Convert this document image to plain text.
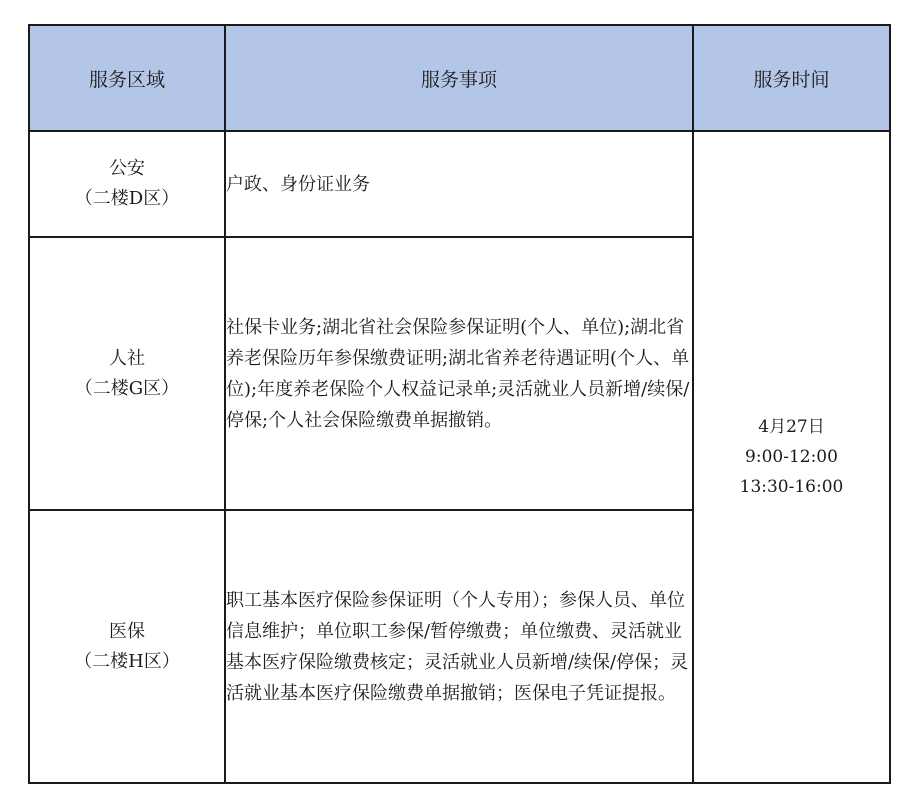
服务区域	服务事项	服务时间

公安
（二楼D区）	户政、身份证业务	4月27日
9:00-12:00
13:30-16:00

人社
（二楼G区）	社保卡业务;湖北省社会保险参保证明(个人、单位);湖北省养老保险历年参保缴费证明;湖北省养老待遇证明(个人、单位);年度养老保险个人权益记录单;灵活就业人员新增/续保/停保;个人社会保险缴费单据撤销。	

医保
（二楼H区）	职工基本医疗保险参保证明（个人专用）；参保人员、单位信息维护；单位职工参保/暂停缴费；单位缴费、灵活就业基本医疗保险缴费核定；灵活就业人员新增/续保/停保；灵活就业基本医疗保险缴费单据撤销；医保电子凭证提报。	
